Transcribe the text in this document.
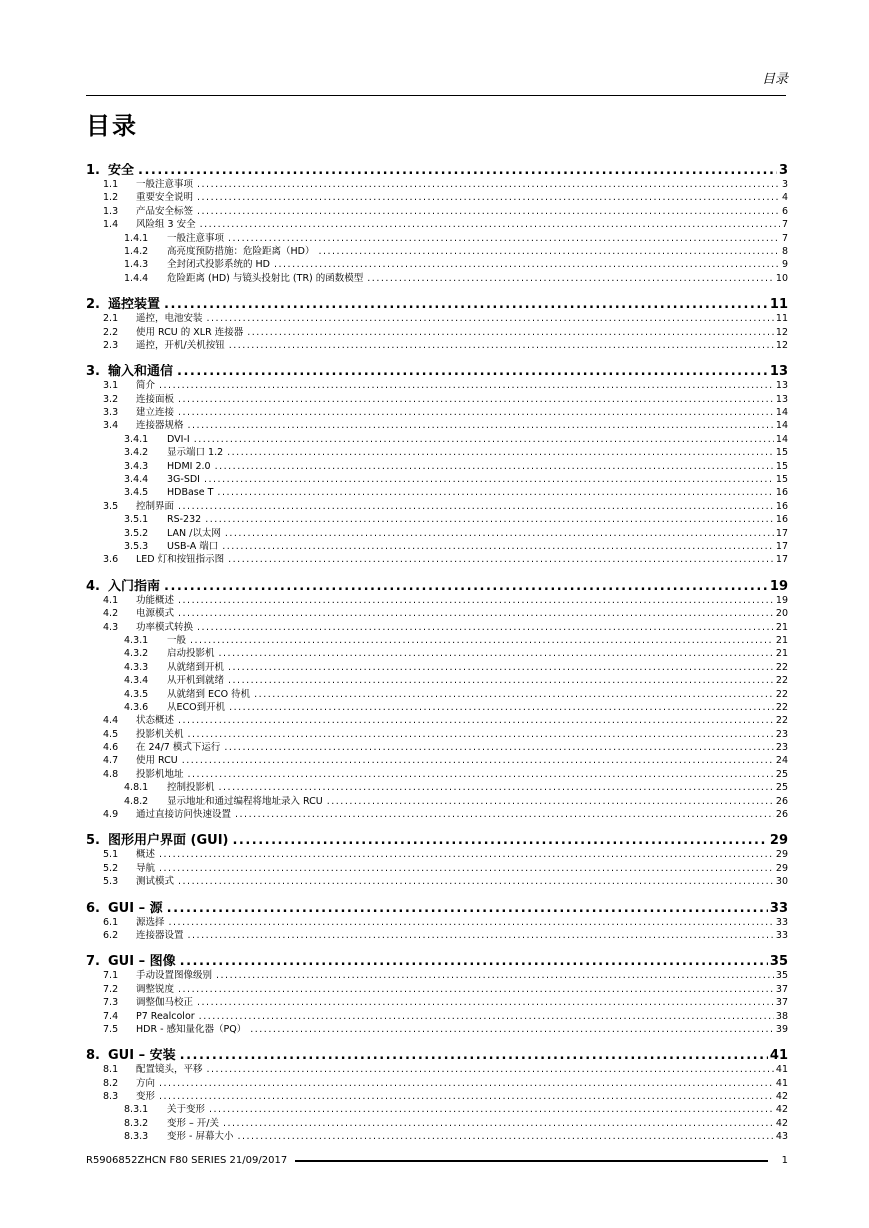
目录
目录
1. 安全 .....	3
1.1	一般注意事项 .....	3
1.2	重要安全说明 .....	4
1.3	产品安全标签 .....	6
1.4	风险组 3 安全 .....	7
1.4.1	一般注意事项 .....	7
1.4.2	高亮度预防措施：危险距离（HD） .....	8
1.4.3	全封闭式投影系统的 HD .....	9
1.4.4	危险距离 (HD) 与镜头投射比 (TR) 的函数模型 .....	10
2. 遥控装置 .....	11
2.1	遥控，电池安装 .....	11
2.2	使用 RCU 的 XLR 连接器 .....	12
2.3	遥控，开机/关机按钮 .....	12
3. 输入和通信 .....	13
3.1	简介 .....	13
3.2	连接面板 .....	13
3.3	建立连接 .....	14
3.4	连接器规格 .....	14
3.4.1	DVI-I .....	14
3.4.2	显示端口 1.2 .....	15
3.4.3	HDMI 2.0 .....	15
3.4.4	3G-SDI .....	15
3.4.5	HDBase T .....	16
3.5	控制界面 .....	16
3.5.1	RS-232 .....	16
3.5.2	LAN /以太网 .....	17
3.5.3	USB-A 端口 .....	17
3.6	LED 灯和按钮指示图 .....	17
4. 入门指南 .....	19
4.1	功能概述 .....	19
4.2	电源模式 .....	20
4.3	功率模式转换 .....	21
4.3.1	一般 .....	21
4.3.2	启动投影机 .....	21
4.3.3	从就绪到开机 .....	22
4.3.4	从开机到就绪 .....	22
4.3.5	从就绪到 ECO 待机 .....	22
4.3.6	从ECO到开机 .....	22
4.4	状态概述 .....	22
4.5	投影机关机 .....	23
4.6	在 24/7 模式下运行 .....	23
4.7	使用 RCU .....	24
4.8	投影机地址 .....	25
4.8.1	控制投影机 .....	25
4.8.2	显示地址和通过编程将地址录入 RCU .....	26
4.9	通过直接访问快速设置 .....	26
5. 图形用户界面 (GUI) .....	29
5.1	概述 .....	29
5.2	导航 .....	29
5.3	测试模式 .....	30
6. GUI – 源 .....	33
6.1	源选择 .....	33
6.2	连接器设置 .....	33
7. GUI – 图像 .....	35
7.1	手动设置图像级别 .....	35
7.2	调整锐度 .....	37
7.3	调整伽马校正 .....	37
7.4	P7 Realcolor .....	38
7.5	HDR - 感知量化器（PQ） .....	39
8. GUI – 安装 .....	41
8.1	配置镜头，平移 .....	41
8.2	方向 .....	41
8.3	变形 .....	42
8.3.1	关于变形 .....	42
8.3.2	变形 – 开/关 .....	42
8.3.3	变形 - 屏幕大小 .....	43
R5906852ZHCN F80 SERIES 21/09/2017	1
